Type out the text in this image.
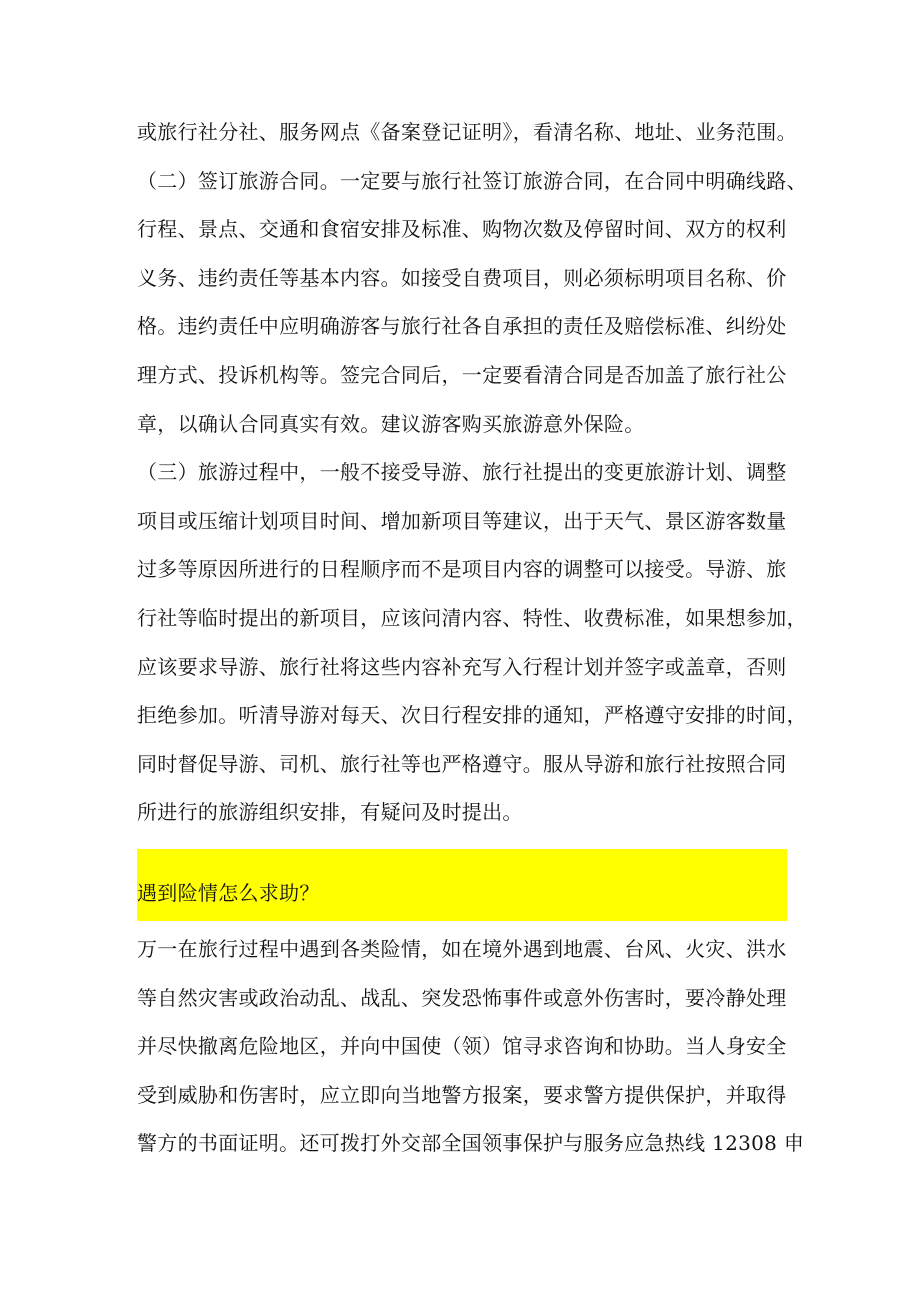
或旅行社分社、服务网点《备案登记证明》，看清名称、地址、业务范围。
（二）签订旅游合同。一定要与旅行社签订旅游合同，在合同中明确线路、
行程、景点、交通和食宿安排及标准、购物次数及停留时间、双方的权利
义务、违约责任等基本内容。如接受自费项目，则必须标明项目名称、价
格。违约责任中应明确游客与旅行社各自承担的责任及赔偿标准、纠纷处
理方式、投诉机构等。签完合同后，一定要看清合同是否加盖了旅行社公
章，以确认合同真实有效。建议游客购买旅游意外保险。
（三）旅游过程中，一般不接受导游、旅行社提出的变更旅游计划、调整
项目或压缩计划项目时间、增加新项目等建议，出于天气、景区游客数量
过多等原因所进行的日程顺序而不是项目内容的调整可以接受。导游、旅
行社等临时提出的新项目，应该问清内容、特性、收费标准，如果想参加，
应该要求导游、旅行社将这些内容补充写入行程计划并签字或盖章，否则
拒绝参加。听清导游对每天、次日行程安排的通知，严格遵守安排的时间，
同时督促导游、司机、旅行社等也严格遵守。服从导游和旅行社按照合同
所进行的旅游组织安排，有疑问及时提出。
遇到险情怎么求助？
万一在旅行过程中遇到各类险情，如在境外遇到地震、台风、火灾、洪水
等自然灾害或政治动乱、战乱、突发恐怖事件或意外伤害时，要冷静处理
并尽快撤离危险地区，并向中国使（领）馆寻求咨询和协助。当人身安全
受到威胁和伤害时，应立即向当地警方报案，要求警方提供保护，并取得
警方的书面证明。还可拨打外交部全国领事保护与服务应急热线 12308 申
